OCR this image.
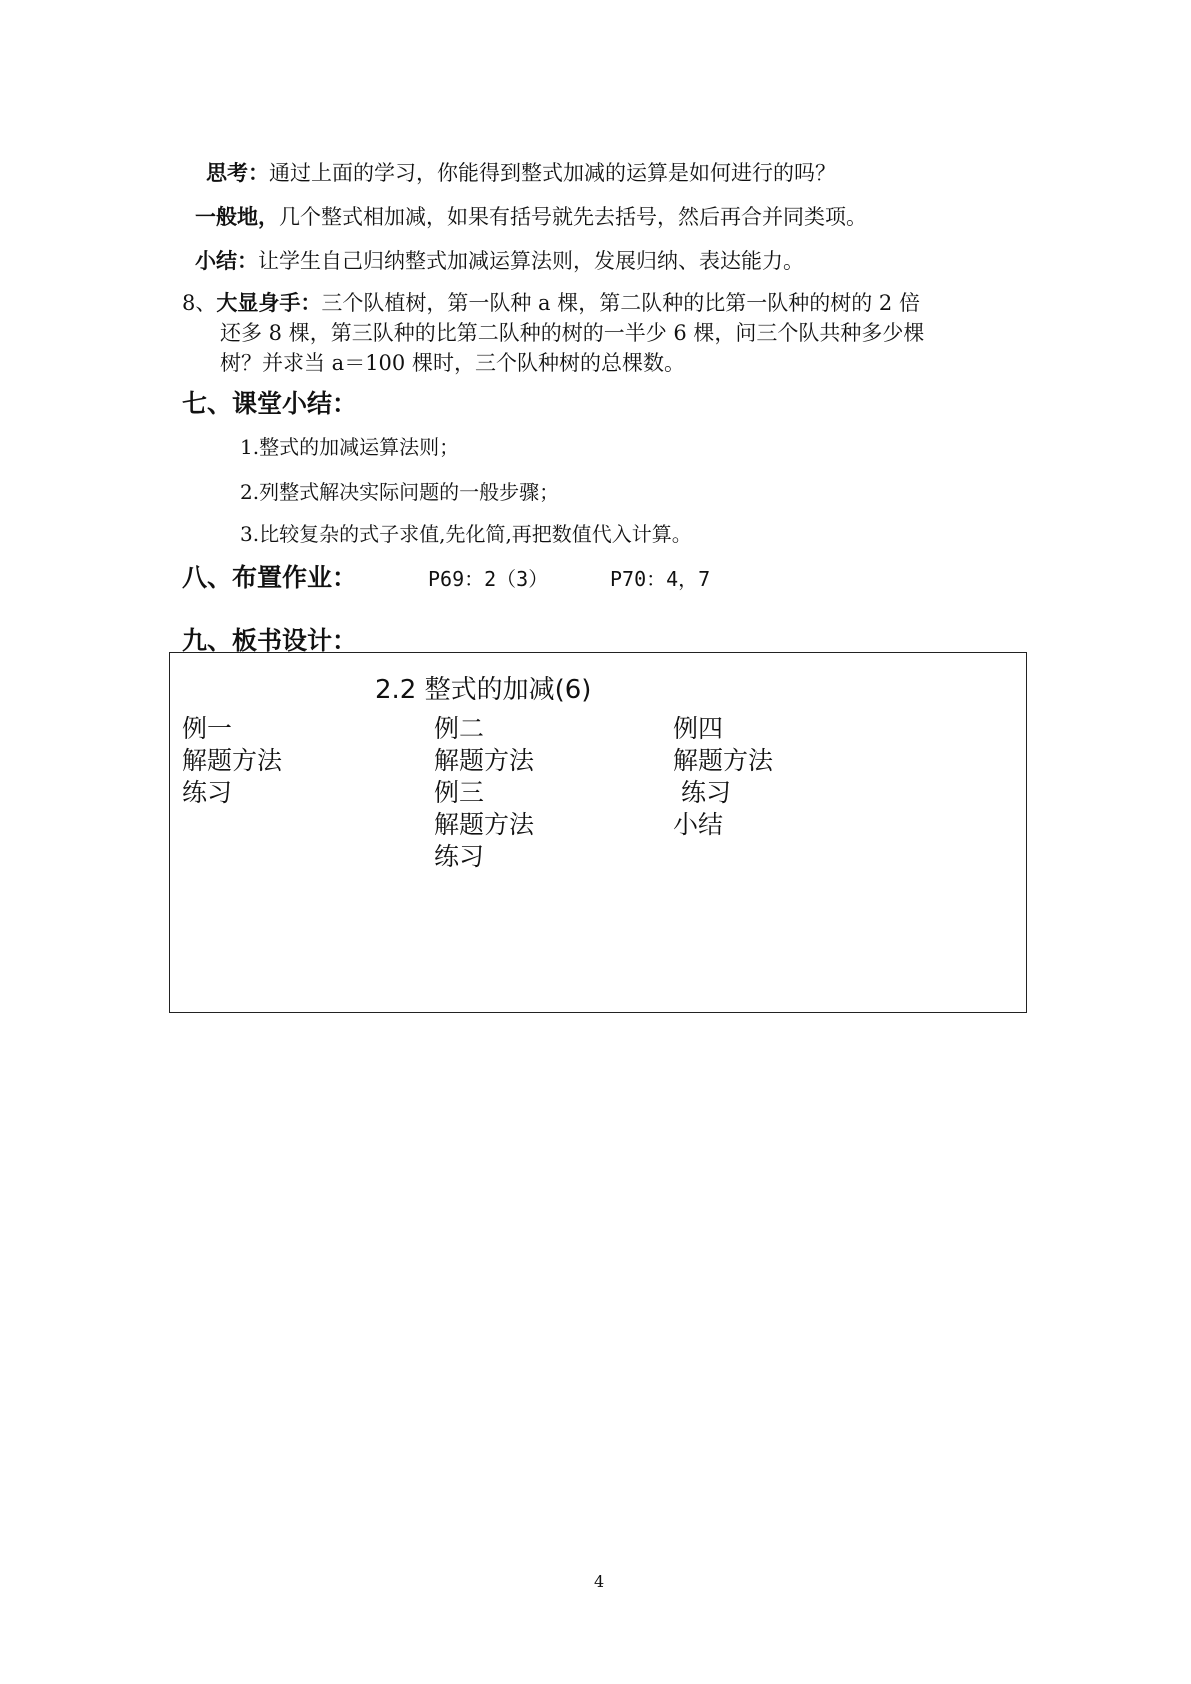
思考：通过上面的学习，你能得到整式加减的运算是如何进行的吗？
一般地，几个整式相加减，如果有括号就先去括号，然后再合并同类项。
小结：让学生自己归纳整式加减运算法则，发展归纳、表达能力。
8、大显身手：三个队植树，第一队种 a 棵，第二队种的比第一队种的树的 2 倍
还多 8 棵，第三队种的比第二队种的树的一半少 6 棵，问三个队共种多少棵
树？并求当 a＝100 棵时，三个队种树的总棵数。
七、课堂小结：
1.整式的加减运算法则；
2.列整式解决实际问题的一般步骤；
3.比较复杂的式子求值,先化简,再把数值代入计算。
八、布置作业：	P69：2（3）	P70：4，7
九、板书设计：
2.2 整式的加减(6)
例一
解题方法
练习
例二
解题方法
例三
解题方法
练习
例四
解题方法
练习
小结
4
